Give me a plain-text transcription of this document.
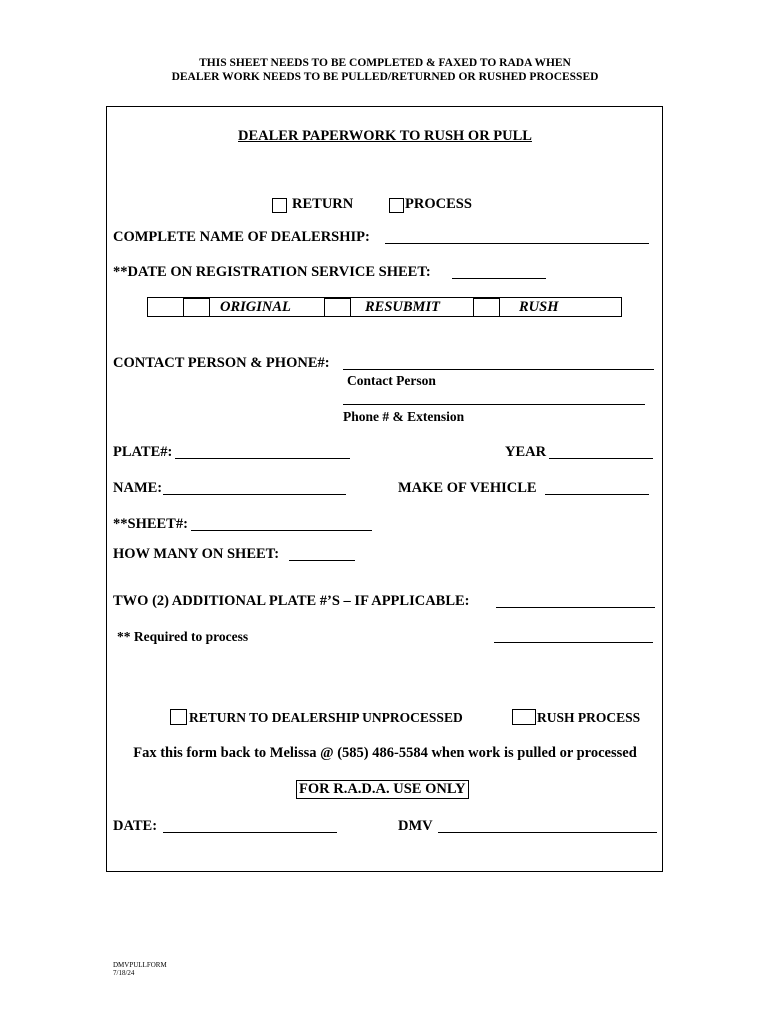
THIS SHEET NEEDS TO BE COMPLETED & FAXED TO RADA WHEN
DEALER WORK NEEDS TO BE PULLED/RETURNED OR RUSHED PROCESSED
DEALER PAPERWORK TO RUSH OR PULL
RETURN	PROCESS
COMPLETE NAME OF DEALERSHIP:
**DATE ON REGISTRATION SERVICE SHEET:
ORIGINAL	RESUBMIT	RUSH
CONTACT PERSON & PHONE#:
Contact Person
Phone # & Extension
PLATE#:	YEAR
NAME:	MAKE OF VEHICLE
**SHEET#:
HOW MANY ON SHEET:
TWO (2) ADDITIONAL PLATE #’S – IF APPLICABLE:
** Required to process
RETURN TO DEALERSHIP UNPROCESSED	RUSH PROCESS
Fax this form back to Melissa @ (585) 486-5584 when work is pulled or processed
FOR R.A.D.A. USE ONLY
DATE:	DMV
DMVPULLFORM
7/18/24
